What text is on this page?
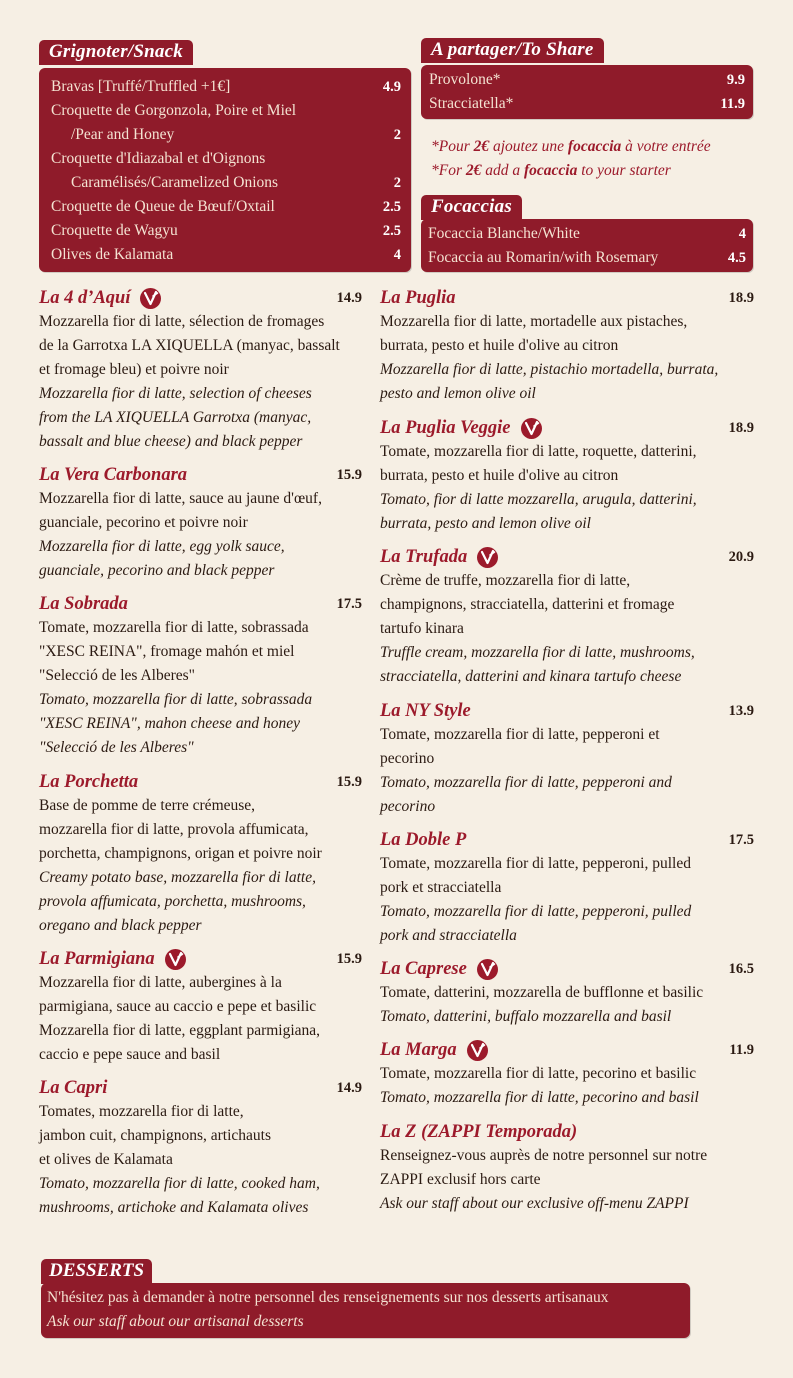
Grignoter/Snack
Bravas [Truffé/Truffled +1€]	4.9
Croquette de Gorgonzola, Poire et Miel
/Pear and Honey	2
Croquette d'Idiazabal et d'Oignons
Caramélisés/Caramelized Onions	2
Croquette de Queue de Bœuf/Oxtail	2.5
Croquette de Wagyu	2.5
Olives de Kalamata	4
A partager/To Share
Provolone*	9.9
Stracciatella*	11.9
*Pour 2€ ajoutez une focaccia à votre entrée
*For 2€ add a focaccia to your starter
Focaccias
Focaccia Blanche/White	4
Focaccia au Romarin/with Rosemary	4.5
DESSERTS
N'hésitez pas à demander à notre personnel des renseignements sur nos desserts artisanaux
Ask our staff about our artisanal desserts
La 4 d’Aquí	14.9
Mozzarella fior di latte, sélection de fromages
de la Garrotxa LA XIQUELLA (manyac, bassalt
et fromage bleu) et poivre noir
Mozzarella fior di latte, selection of cheeses
from the LA XIQUELLA Garrotxa (manyac,
bassalt and blue cheese) and black pepper
La Vera Carbonara	15.9
Mozzarella fior di latte, sauce au jaune d'œuf,
guanciale, pecorino et poivre noir
Mozzarella fior di latte, egg yolk sauce,
guanciale, pecorino and black pepper
La Sobrada	17.5
Tomate, mozzarella fior di latte, sobrassada
"XESC REINA", fromage mahón et miel
"Selecció de les Alberes"
Tomato, mozzarella fior di latte, sobrassada
"XESC REINA", mahon cheese and honey
"Selecció de les Alberes"
La Porchetta	15.9
Base de pomme de terre crémeuse,
mozzarella fior di latte, provola affumicata,
porchetta, champignons, origan et poivre noir
Creamy potato base, mozzarella fior di latte,
provola affumicata, porchetta, mushrooms,
oregano and black pepper
La Parmigiana	15.9
Mozzarella fior di latte, aubergines à la
parmigiana, sauce au caccio e pepe et basilic
Mozzarella fior di latte, eggplant parmigiana,
caccio e pepe sauce and basil
La Capri	14.9
Tomates, mozzarella fior di latte,
jambon cuit, champignons, artichauts
et olives de Kalamata
Tomato, mozzarella fior di latte, cooked ham,
mushrooms, artichoke and Kalamata olives
La Puglia	18.9
Mozzarella fior di latte, mortadelle aux pistaches,
burrata, pesto et huile d'olive au citron
Mozzarella fior di latte, pistachio mortadella, burrata,
pesto and lemon olive oil
La Puglia Veggie	18.9
Tomate, mozzarella fior di latte, roquette, datterini,
burrata, pesto et huile d'olive au citron
Tomato, fior di latte mozzarella, arugula, datterini,
burrata, pesto and lemon olive oil
La Trufada	20.9
Crème de truffe, mozzarella fior di latte,
champignons, stracciatella, datterini et fromage
tartufo kinara
Truffle cream, mozzarella fior di latte, mushrooms,
stracciatella, datterini and kinara tartufo cheese
La NY Style	13.9
Tomate, mozzarella fior di latte, pepperoni et
pecorino
Tomato, mozzarella fior di latte, pepperoni and
pecorino
La Doble P	17.5
Tomate, mozzarella fior di latte, pepperoni, pulled
pork et stracciatella
Tomato, mozzarella fior di latte, pepperoni, pulled
pork and stracciatella
La Caprese	16.5
Tomate, datterini, mozzarella de bufflonne et basilic
Tomato, datterini, buffalo mozzarella and basil
La Marga	11.9
Tomate, mozzarella fior di latte, pecorino et basilic
Tomato, mozzarella fior di latte, pecorino and basil
La Z (ZAPPI Temporada)
Renseignez-vous auprès de notre personnel sur notre
ZAPPI exclusif hors carte
Ask our staff about our exclusive off-menu ZAPPI
